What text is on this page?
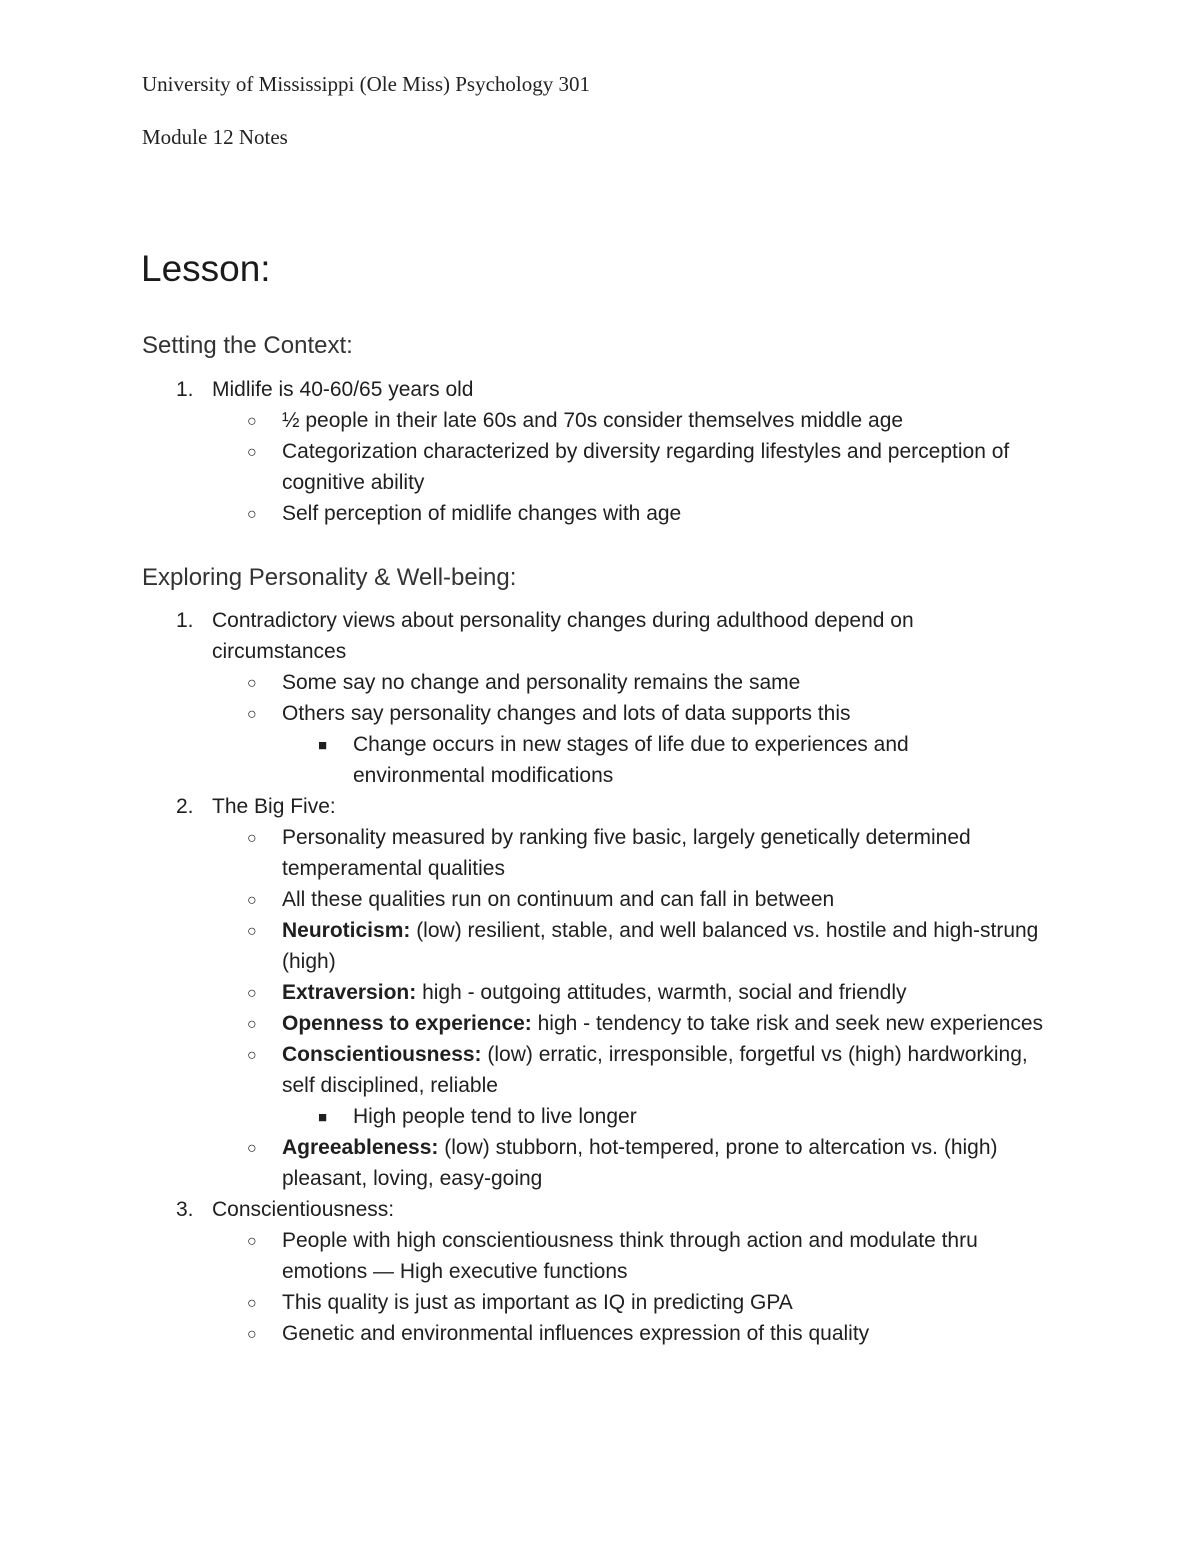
University of Mississippi (Ole Miss) Psychology 301

Module 12 Notes

Lesson:
Setting the Context:
1. Midlife is 40-60/65 years old
○ ½ people in their late 60s and 70s consider themselves middle age
○ Categorization characterized by diversity regarding lifestyles and perception of cognitive ability
○ Self perception of midlife changes with age
Exploring Personality & Well-being:
1. Contradictory views about personality changes during adulthood depend on circumstances
○ Some say no change and personality remains the same
○ Others say personality changes and lots of data supports this
■ Change occurs in new stages of life due to experiences and environmental modifications
2. The Big Five:
○ Personality measured by ranking five basic, largely genetically determined temperamental qualities
○ All these qualities run on continuum and can fall in between
○ Neuroticism: (low) resilient, stable, and well balanced vs. hostile and high-strung (high)
○ Extraversion: high - outgoing attitudes, warmth, social and friendly
○ Openness to experience: high - tendency to take risk and seek new experiences
○ Conscientiousness: (low) erratic, irresponsible, forgetful vs (high) hardworking, self disciplined, reliable
■ High people tend to live longer
○ Agreeableness: (low) stubborn, hot-tempered, prone to altercation vs. (high) pleasant, loving, easy-going
3. Conscientiousness:
○ People with high conscientiousness think through action and modulate thru emotions — High executive functions
○ This quality is just as important as IQ in predicting GPA
○ Genetic and environmental influences expression of this quality
